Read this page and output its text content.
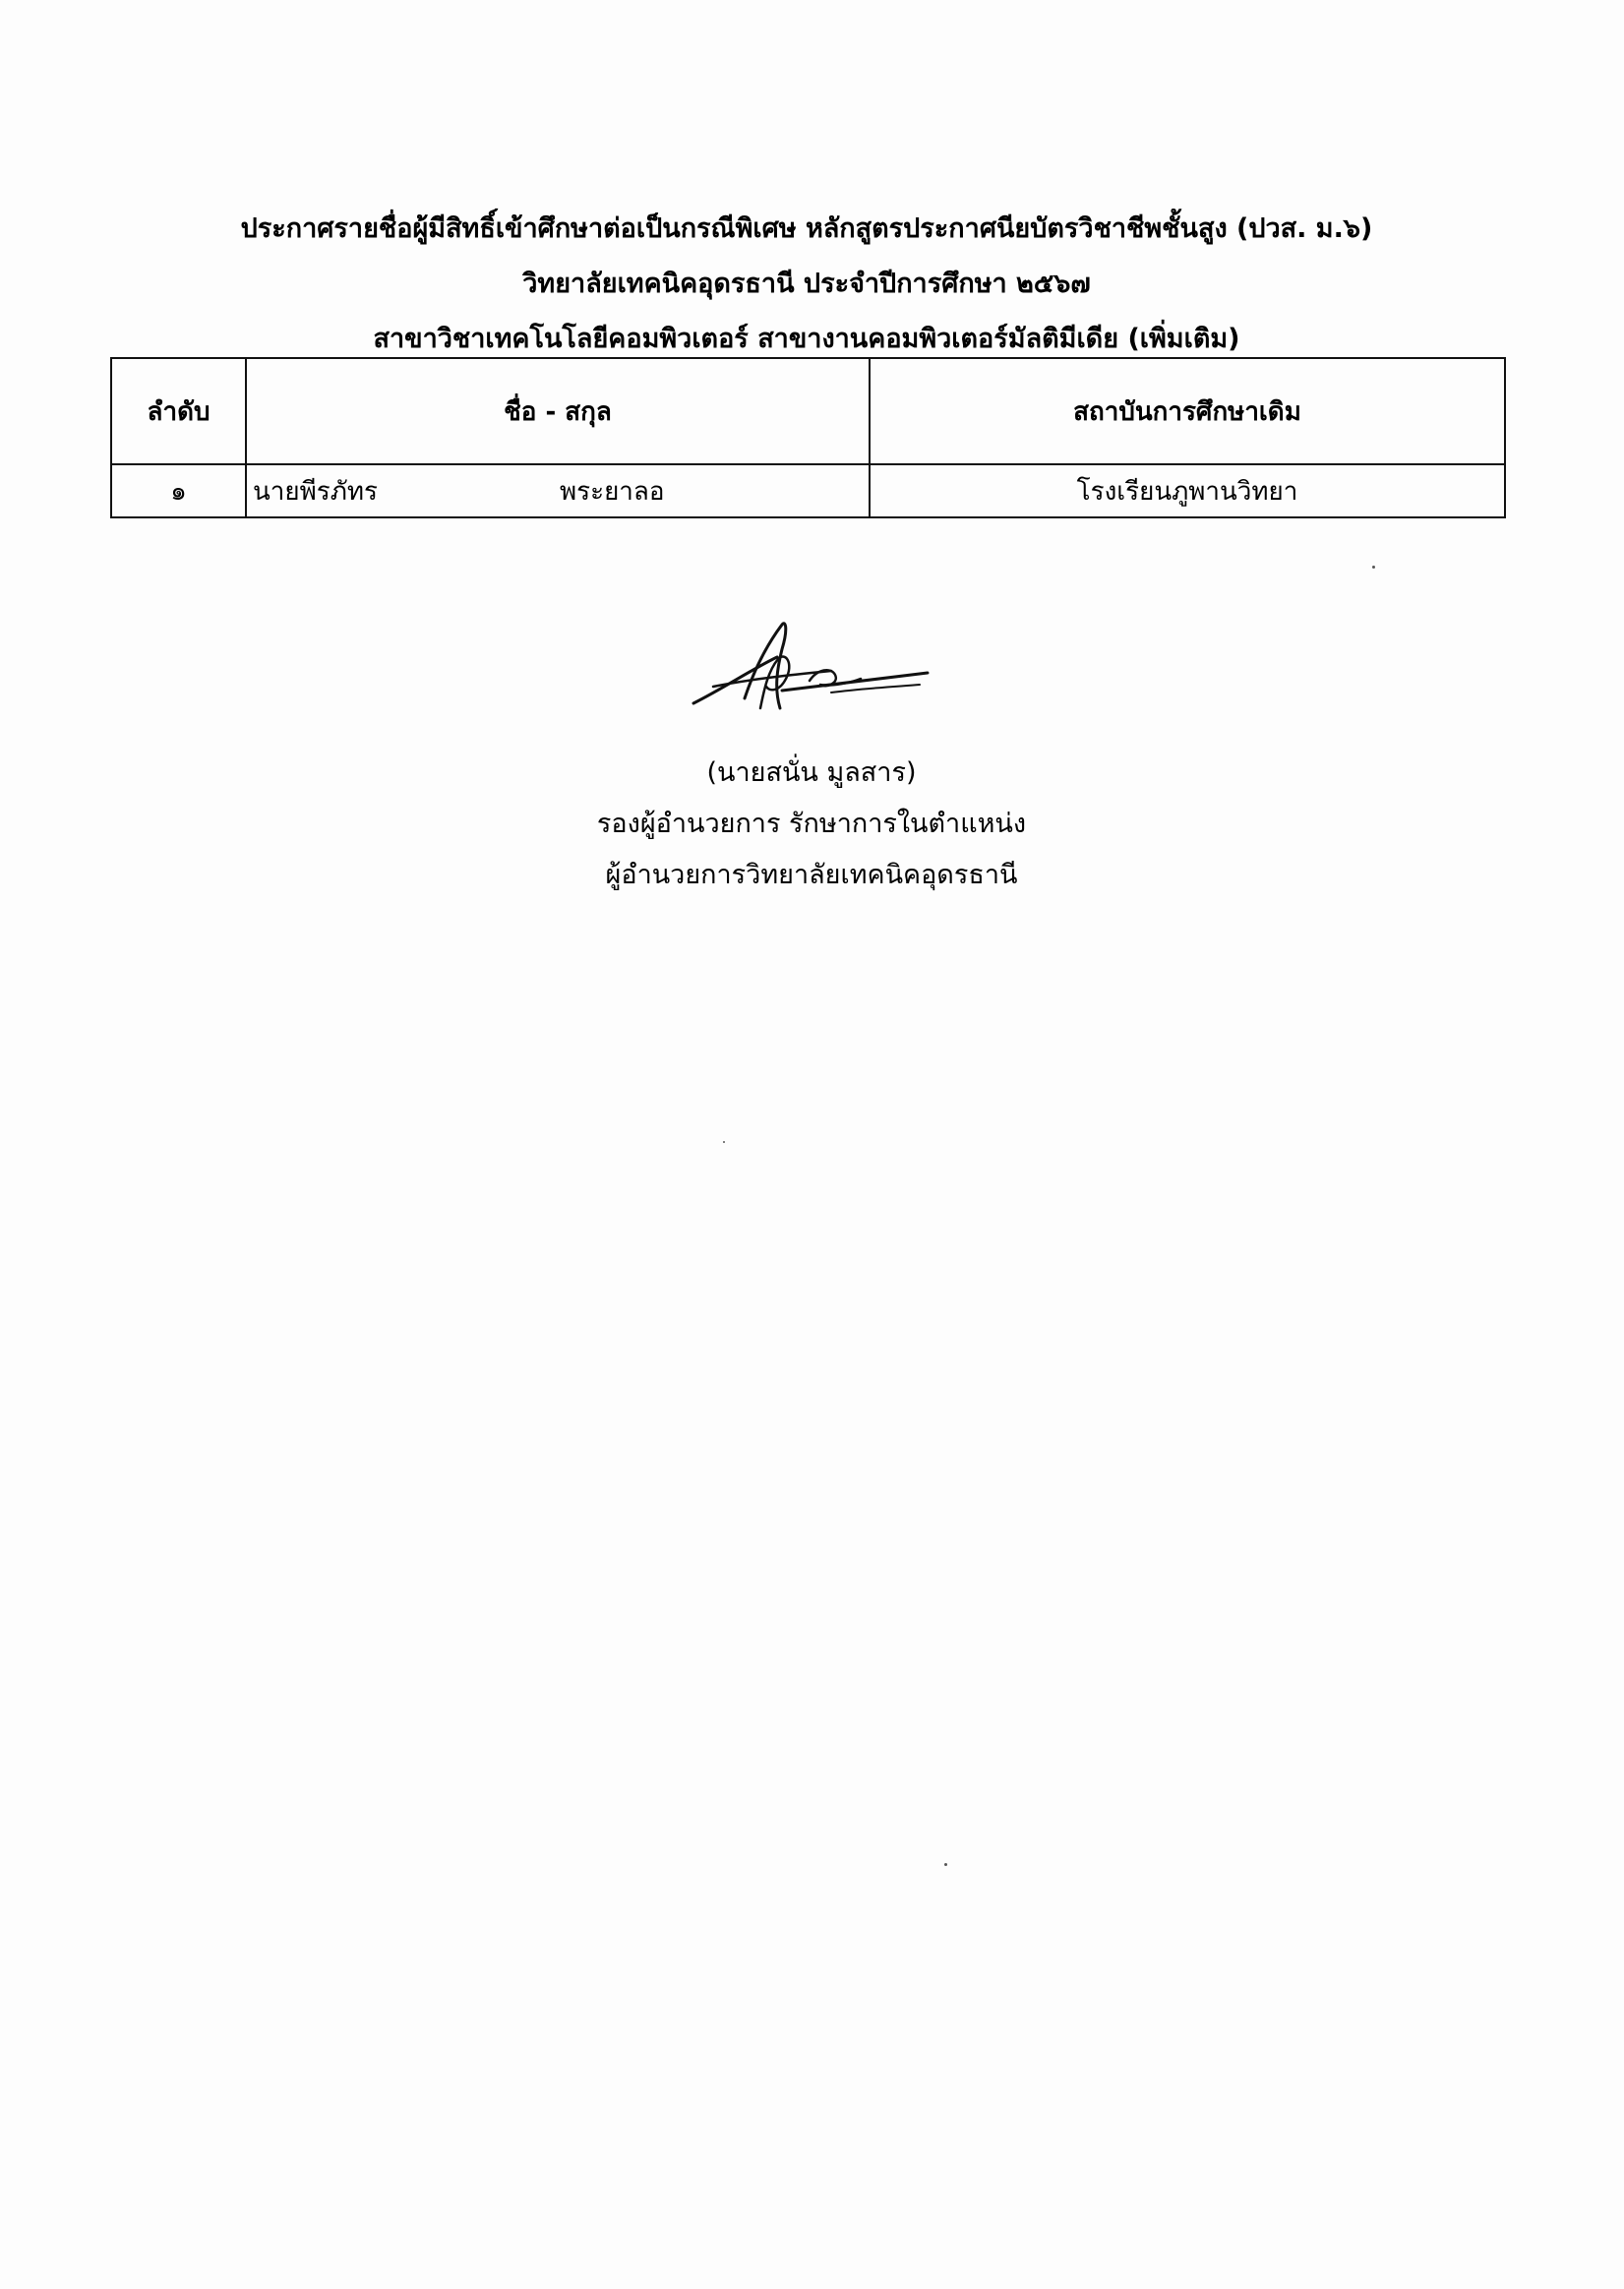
ประกาศรายชื่อผู้มีสิทธิ์เข้าศึกษาต่อเป็นกรณีพิเศษ หลักสูตรประกาศนียบัตรวิชาชีพชั้นสูง (ปวส. ม.๖)
วิทยาลัยเทคนิคอุดรธานี ประจำปีการศึกษา ๒๕๖๗
สาขาวิชาเทคโนโลยีคอมพิวเตอร์ สาขางานคอมพิวเตอร์มัลติมีเดีย (เพิ่มเติม)
ลำดับ	ชื่อ - สกุล	สถาบันการศึกษาเดิม
๑	นายพีรภัทร พระยาลอ	โรงเรียนภูพานวิทยา
(นายสนั่น มูลสาร)
รองผู้อำนวยการ รักษาการในตำแหน่ง
ผู้อำนวยการวิทยาลัยเทคนิคอุดรธานี
